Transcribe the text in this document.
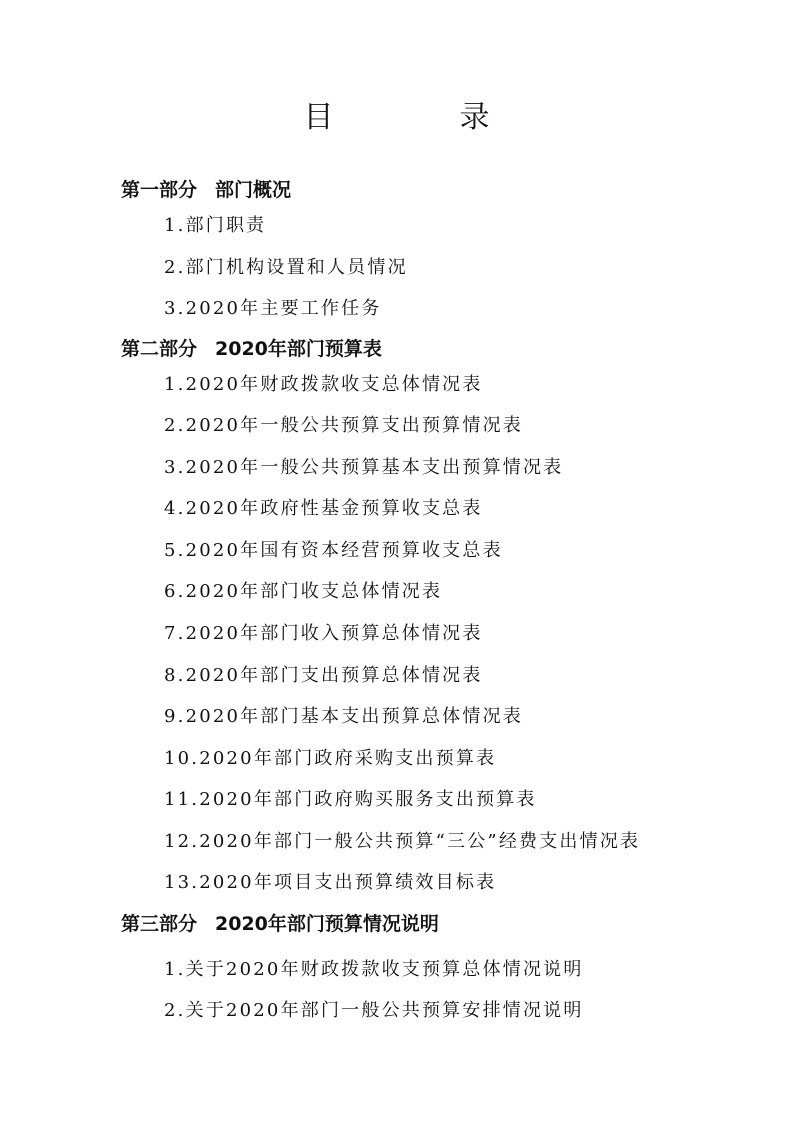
目　录
第一部分 部门概况
1.部门职责
2.部门机构设置和人员情况
3.2020年主要工作任务
第二部分 2020年部门预算表
1.2020年财政拨款收支总体情况表
2.2020年一般公共预算支出预算情况表
3.2020年一般公共预算基本支出预算情况表
4.2020年政府性基金预算收支总表
5.2020年国有资本经营预算收支总表
6.2020年部门收支总体情况表
7.2020年部门收入预算总体情况表
8.2020年部门支出预算总体情况表
9.2020年部门基本支出预算总体情况表
10.2020年部门政府采购支出预算表
11.2020年部门政府购买服务支出预算表
12.2020年部门一般公共预算“三公”经费支出情况表
13.2020年项目支出预算绩效目标表
第三部分 2020年部门预算情况说明
1.关于2020年财政拨款收支预算总体情况说明
2.关于2020年部门一般公共预算安排情况说明
